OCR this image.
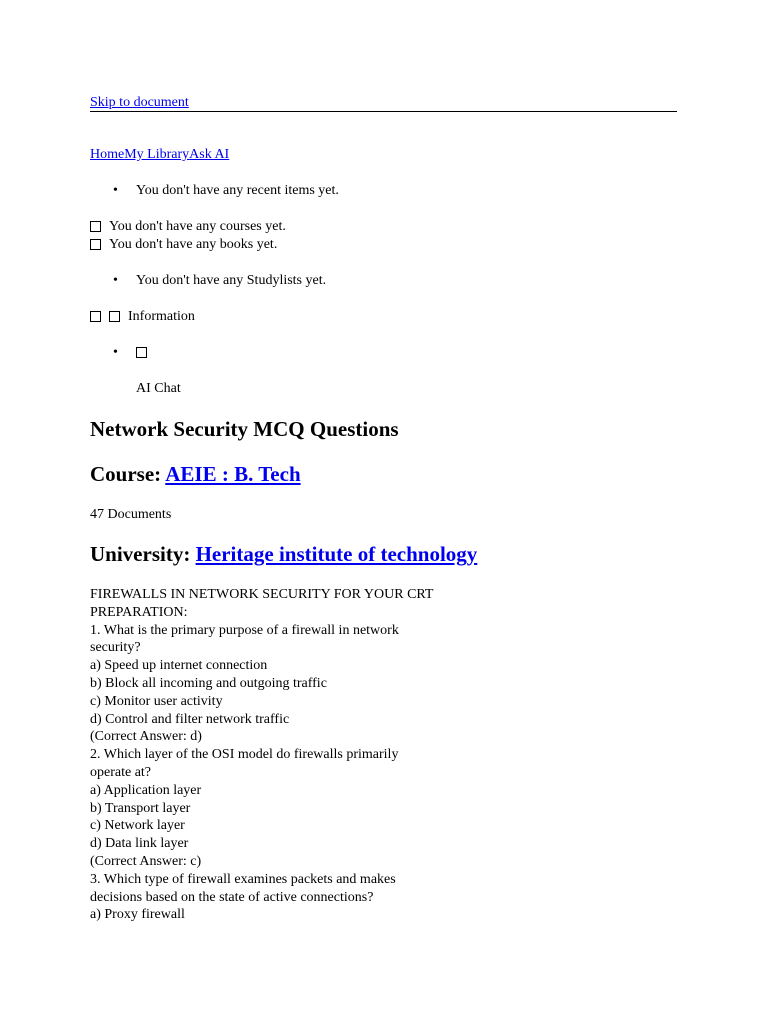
Skip to document
HomeMy LibraryAsk AI
•	You don't have any recent items yet.
You don't have any courses yet.
You don't have any books yet.
•	You don't have any Studylists yet.
Information
•
AI Chat
Network Security MCQ Questions
Course: AEIE : B. Tech
47 Documents
University: Heritage institute of technology
FIREWALLS IN NETWORK SECURITY FOR YOUR CRT
PREPARATION:
1. What is the primary purpose of a firewall in network
security?
a) Speed up internet connection
b) Block all incoming and outgoing traffic
c) Monitor user activity
d) Control and filter network traffic
(Correct Answer: d)
2. Which layer of the OSI model do firewalls primarily
operate at?
a) Application layer
b) Transport layer
c) Network layer
d) Data link layer
(Correct Answer: c)
3. Which type of firewall examines packets and makes
decisions based on the state of active connections?
a) Proxy firewall
